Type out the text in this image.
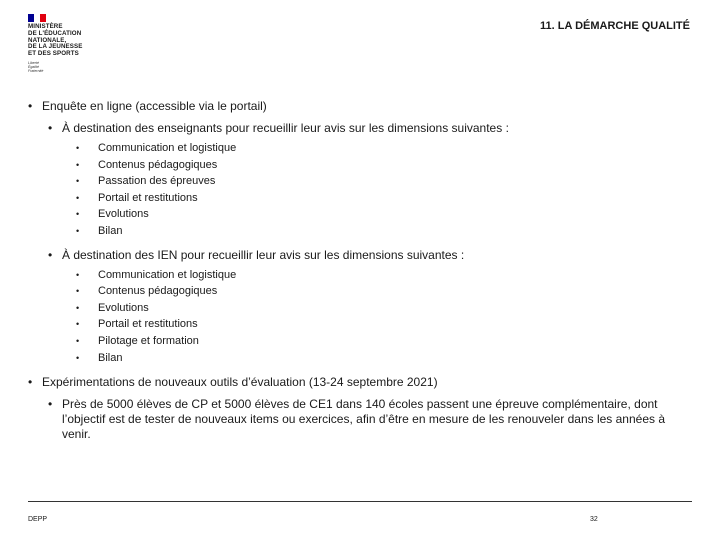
MINISTÈRE
DE L'ÉDUCATION
NATIONALE,
DE LA JEUNESSE
ET DES SPORTS
Liberté
Égalité
Fraternité
11. LA DÉMARCHE QUALITÉ
• Enquête en ligne (accessible via le portail)
• À destination des enseignants pour recueillir leur avis sur les dimensions suivantes :
• Communication et logistique
• Contenus pédagogiques
• Passation des épreuves
• Portail et restitutions
• Evolutions
• Bilan
• À destination des IEN pour recueillir leur avis sur les dimensions suivantes :
• Communication et logistique
• Contenus pédagogiques
• Evolutions
• Portail et restitutions
• Pilotage et formation
• Bilan
• Expérimentations de nouveaux outils d’évaluation (13-24 septembre 2021)
• Près de 5000 élèves de CP et 5000 élèves de CE1 dans 140 écoles passent une épreuve complémentaire, dont l’objectif est de tester de nouveaux items ou exercices, afin d’être en mesure de les renouveler dans les années à venir.
DEPP	32
